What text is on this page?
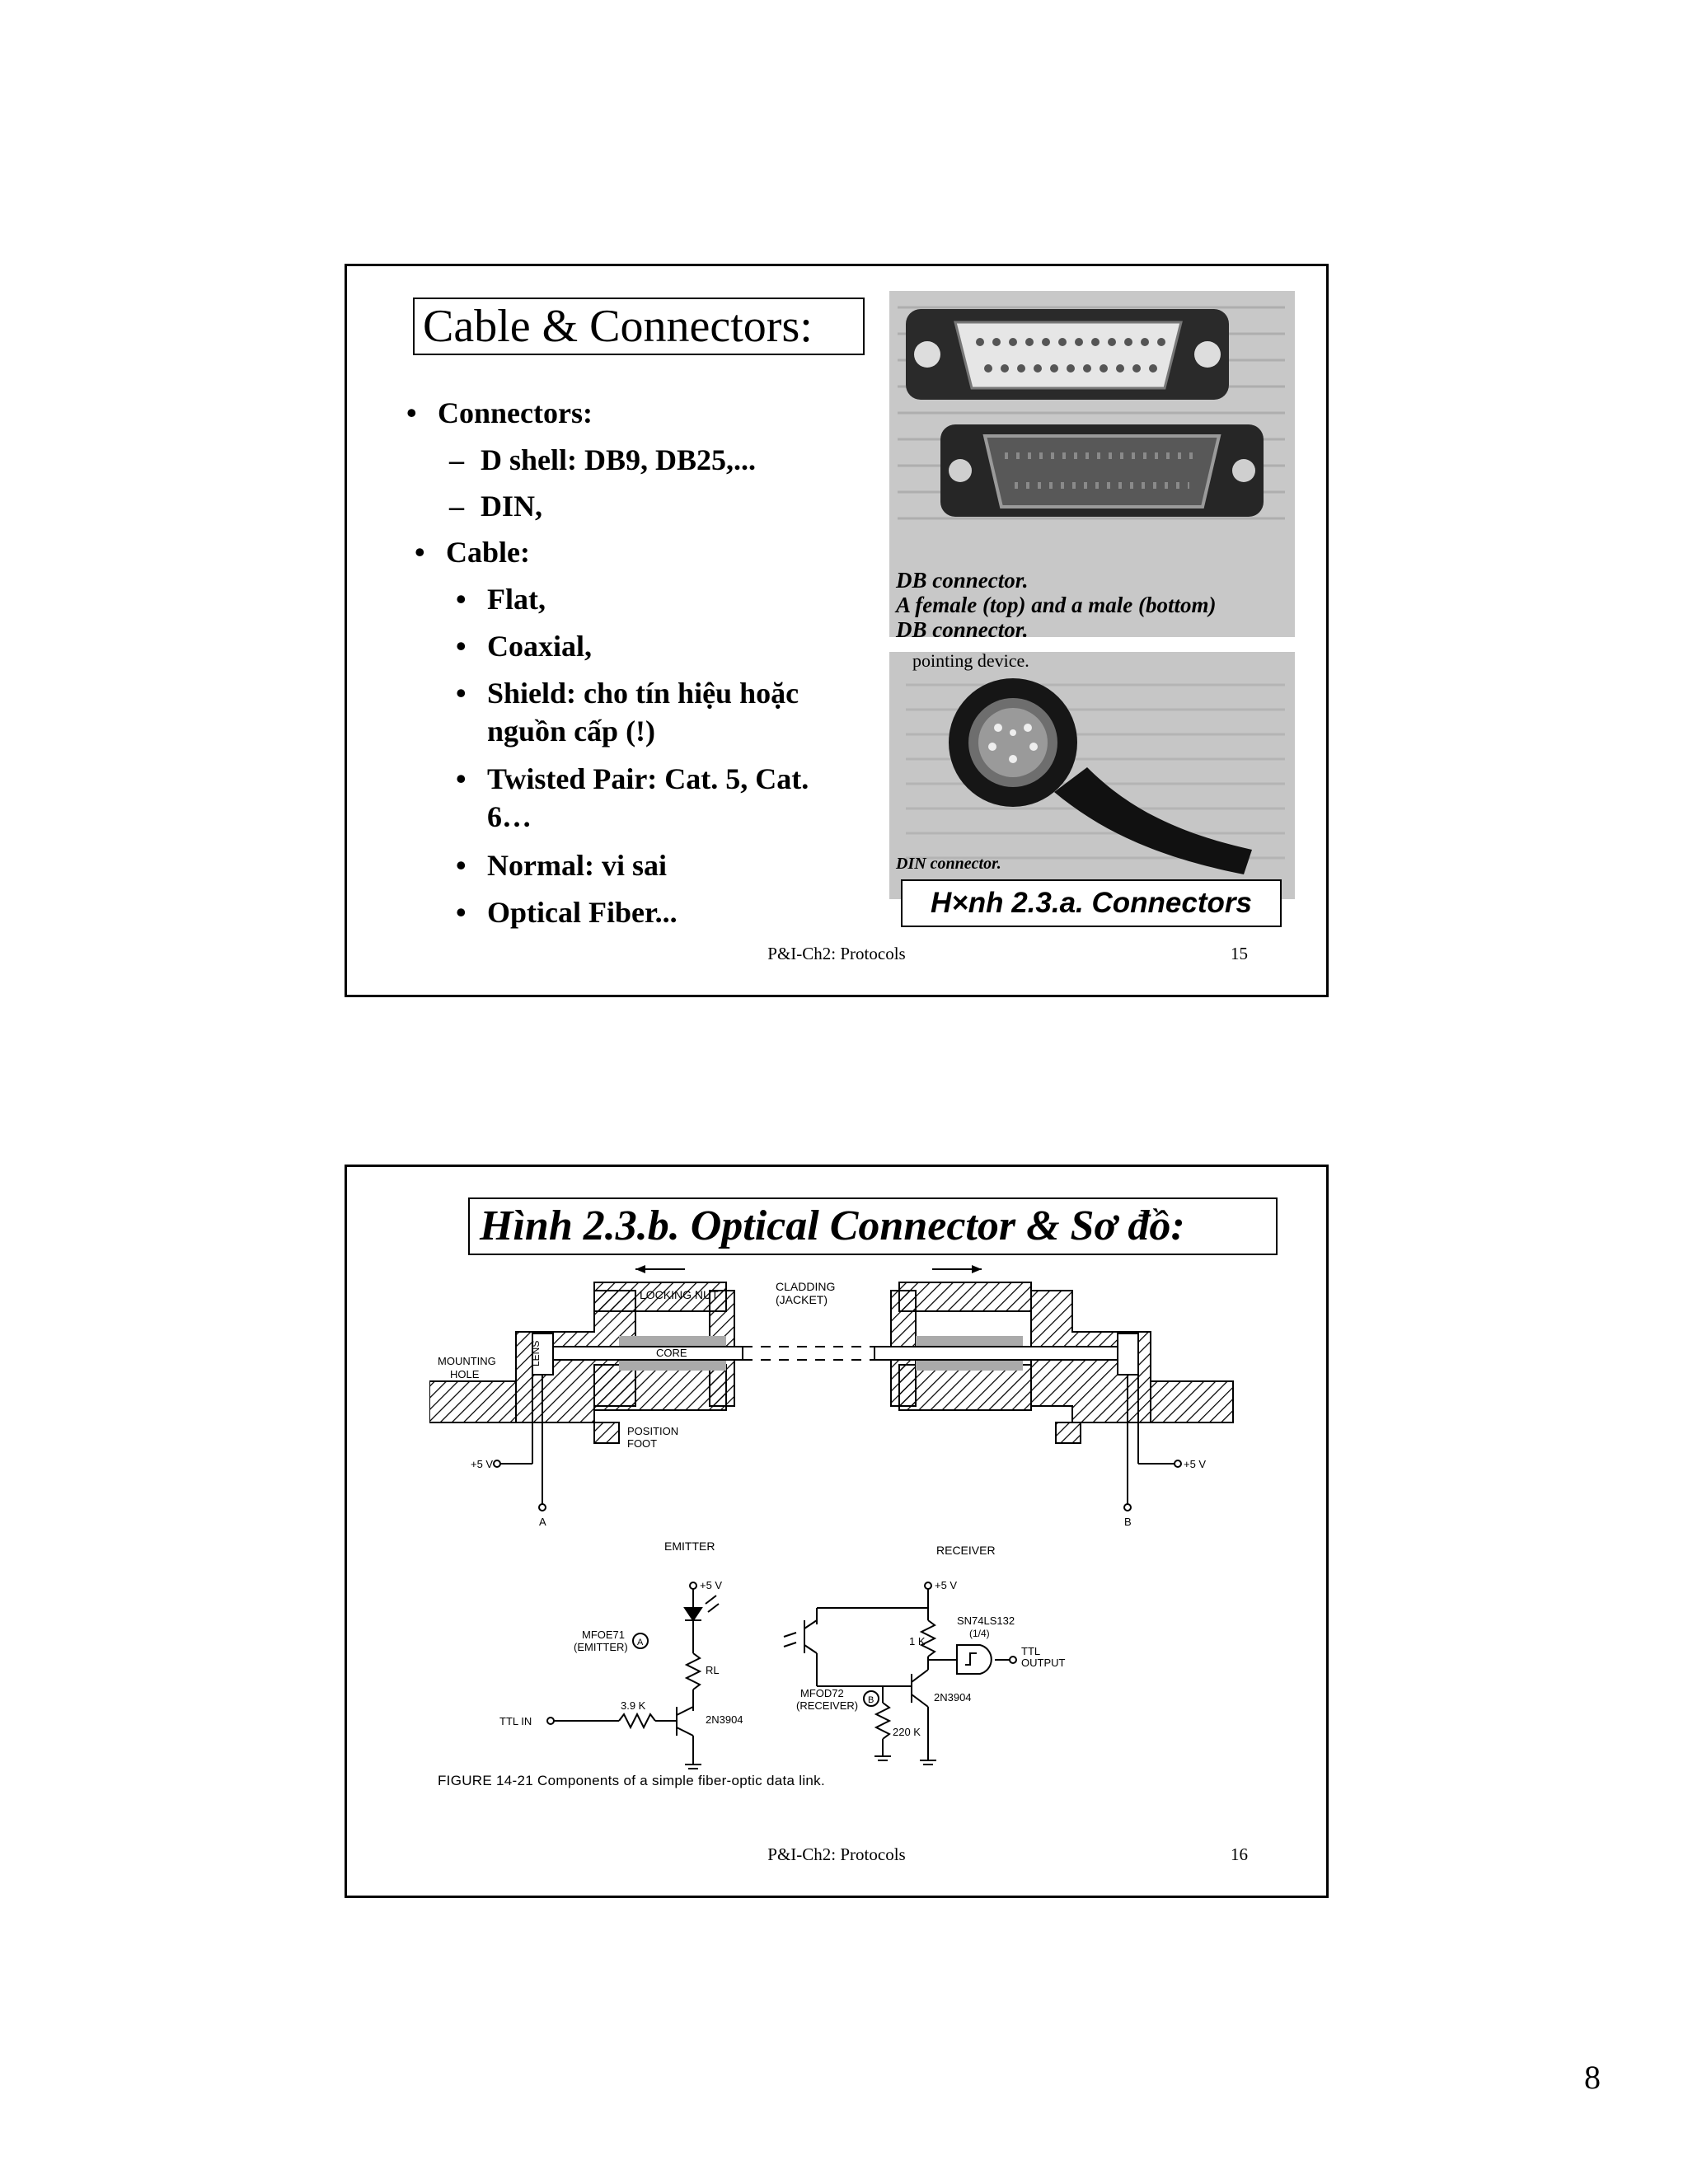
Cable & Connectors:
• Connectors:
– D shell: DB9, DB25,...
– DIN,
• Cable:
• Flat,
• Coaxial,
• Shield: cho tín hiệu hoặc
nguồn cấp (!)
• Twisted Pair: Cat. 5, Cat.
6…
• Normal: vi sai
• Optical Fiber...
DB connector.
A female (top) and a male (bottom)
DB connector.
pointing device.
DIN connector.
H×nh 2.3.a. Connectors
P&I-Ch2: Protocols	15
Hình 2.3.b. Optical Connector & Sơ đồ:
LOCKING NUT
CLADDING
(JACKET)
CORE
LENS
MOUNTING
HOLE
POSITION
FOOT
+5 V
A
+5 V
B
EMITTER	RECEIVER
+5 V
MFOE71
(EMITTER) A
RL
3.9 K
TTL IN	2N3904
+5 V
1 K
SN74LS132
(1/4)
TTL
OUTPUT
2N3904
MFOD72
(RECEIVER) B
220 K
FIGURE 14-21 Components of a simple fiber-optic data link.
P&I-Ch2: Protocols	16
8
